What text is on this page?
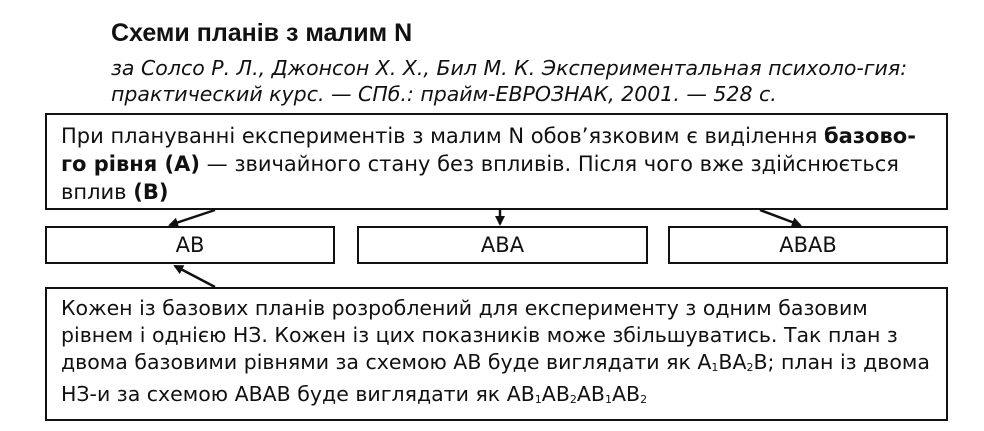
Схеми планів з малим N
за Солсо Р. Л., Джонсон Х. Х., Бил М. К. Экспериментальная психоло-гия: практический курс. — СПб.: прайм-ЕВРОЗНАК, 2001. — 528 с.
При плануванні експериментів з малим N обов’язковим є виділення базово-го рівня (А) — звичайного стану без впливів. Після чого вже здійснюється вплив (В)
АВ	АВА	АВАВ
Кожен із базових планів розроблений для експерименту з одним базовим рівнем і однією НЗ. Кожен із цих показників може збільшуватись. Так план з двома базовими рівнями за схемою АВ буде виглядати як $А_1ВА_2В$; план із двома НЗ-и за схемою АВАВ буде виглядати як $АВ_1АВ_2АВ_1АВ_2$
